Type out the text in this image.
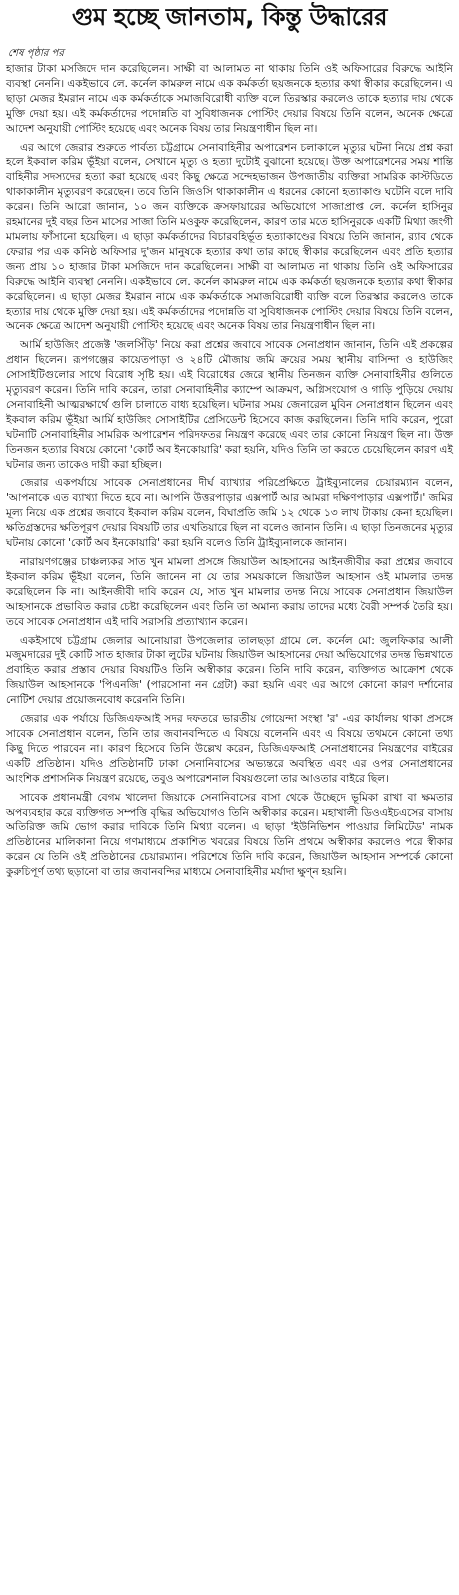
গুম হচ্ছে জানতাম, কিন্তু উদ্ধারের
শেষ পৃষ্ঠার পর

হাজার টাকা মসজিদে দান করেছিলেন। সাক্ষী বা আলামত না থাকায় তিনি ওই অফিসারের বিরুদ্ধে আইনি ব্যবস্থা নেননি। একইভাবে লে. কর্নেল কামরুল নামে এক কর্মকর্তা ছয়জনকে হত্যার কথা স্বীকার করেছিলেন। এ ছাড়া মেজর ইমরান নামে এক কর্মকর্তাকে সমাজবিরোধী ব্যক্তি বলে তিরস্কার করলেও তাকে হত্যার দায় থেকে মুক্তি দেয়া হয়। এই কর্মকর্তাদের পদোন্নতি বা সুবিধাজনক পোস্টিং দেয়ার বিষয়ে তিনি বলেন, অনেক ক্ষেত্রে আদেশ অনুযায়ী পোস্টিং হয়েছে এবং অনেক বিষয় তার নিয়ন্ত্রণাধীন ছিল না।

এর আগে জেরার শুরুতে পার্বত্য চট্টগ্রামে সেনাবাহিনীর অপারেশন চলাকালে মৃত্যুর ঘটনা নিয়ে প্রশ্ন করা হলে ইকবাল করিম ভূঁইয়া বলেন, সেখানে মৃত্যু ও হত্যা দুটোই বুঝানো হয়েছে। উক্ত অপারেশনের সময় শান্তি বাহিনীর সদস্যদের হত্যা করা হয়েছে এবং কিছু ক্ষেত্রে সন্দেহভাজন উপজাতীয় ব্যক্তিরা সামরিক কাস্টডিতে থাকাকালীন মৃত্যুবরণ করেছেন। তবে তিনি জিওসি থাকাকালীন এ ধরনের কোনো হত্যাকাণ্ড ঘটেনি বলে দাবি করেন। তিনি আরো জানান, ১০ জন ব্যক্তিকে ক্রসফায়ারের অভিযোগে সাজাপ্রাপ্ত লে. কর্নেল হাসিনুর রহমানের দুই বছর তিন মাসের সাজা তিনি মওকুফ করেছিলেন, কারণ তার মতে হাসিনুরকে একটি মিথ্যা জংগী মামলায় ফাঁসানো হয়েছিল। এ ছাড়া কর্মকর্তাদের বিচারবহির্ভূত হত্যাকাণ্ডের বিষয়ে তিনি জানান, র‍্যাব থেকে ফেরার পর এক কনিষ্ঠ অফিসার দু'জন মানুষকে হত্যার কথা তার কাছে স্বীকার করেছিলেন এবং প্রতি হত্যার জন্য প্রায় ১০ হাজার টাকা মসজিদে দান করেছিলেন। সাক্ষী বা আলামত না থাকায় তিনি ওই অফিসারের বিরুদ্ধে আইনি ব্যবস্থা নেননি। একইভাবে লে. কর্নেল কামরুল নামে এক কর্মকর্তা ছয়জনকে হত্যার কথা স্বীকার করেছিলেন। এ ছাড়া মেজর ইমরান নামে এক কর্মকর্তাকে সমাজবিরোধী ব্যক্তি বলে তিরস্কার করলেও তাকে হত্যার দায় থেকে মুক্তি দেয়া হয়। এই কর্মকর্তাদের পদোন্নতি বা সুবিধাজনক পোস্টিং দেয়ার বিষয়ে তিনি বলেন, অনেক ক্ষেত্রে আদেশ অনুযায়ী পোস্টিং হয়েছে এবং অনেক বিষয় তার নিয়ন্ত্রণাধীন ছিল না।

আর্মি হাউজিং প্রজেক্ট 'জলসিঁড়ি' নিয়ে করা প্রশ্নের জবাবে সাবেক সেনাপ্রধান জানান, তিনি এই প্রকল্পের প্রধান ছিলেন। রূপগঞ্জের কায়েতপাড়া ও ২৪টি মৌজায় জমি ক্রয়ের সময় স্থানীয় বাসিন্দা ও হাউজিং সোসাইটিগুলোর সাথে বিরোধ সৃষ্টি হয়। এই বিরোধের জেরে স্থানীয় তিনজন ব্যক্তি সেনাবাহিনীর গুলিতে মৃত্যুবরণ করেন। তিনি দাবি করেন, তারা সেনাবাহিনীর ক্যাম্পে আক্রমণ, অগ্নিসংযোগ ও গাড়ি পুড়িয়ে দেয়ায় সেনাবাহিনী আত্মরক্ষার্থে গুলি চালাতে বাধ্য হয়েছিল। ঘটনার সময় জেনারেল মুবিন সেনাপ্রধান ছিলেন এবং ইকবাল করিম ভূঁইয়া আর্মি হাউজিং সোসাইটির প্রেসিডেন্ট হিসেবে কাজ করছিলেন। তিনি দাবি করেন, পুরো ঘটনাটি সেনাবাহিনীর সামরিক অপারেশন পরিদফতর নিয়ন্ত্রণ করেছে এবং তার কোনো নিয়ন্ত্রণ ছিল না। উক্ত তিনজন হত্যার বিষয়ে কোনো 'কোর্ট অব ইনকোয়ারি' করা হয়নি, যদিও তিনি তা করতে চেয়েছিলেন কারণ এই ঘটনার জন্য তাকেও দায়ী করা হচ্ছিল।

জেরার একপর্যায়ে সাবেক সেনাপ্রধানের দীর্ঘ ব্যাখ্যার পরিপ্রেক্ষিতে ট্রাইব্যুনালের চেয়ারম্যান বলেন, 'আপনাকে এত ব্যাখ্যা দিতে হবে না। আপনি উত্তরপাড়ার এক্সপার্ট আর আমরা দক্ষিণপাড়ার এক্সপার্ট।' জমির মূল্য নিয়ে এক প্রশ্নের জবাবে ইকবাল করিম বলেন, বিঘাপ্রতি জমি ১২ থেকে ১৩ লাখ টাকায় কেনা হয়েছিল। ক্ষতিগ্রস্তদের ক্ষতিপূরণ দেয়ার বিষয়টি তার এখতিয়ারে ছিল না বলেও জানান তিনি। এ ছাড়া তিনজনের মৃত্যুর ঘটনায় কোনো 'কোর্ট অব ইনকোয়ারি' করা হয়নি বলেও তিনি ট্রাইব্যুনালকে জানান।

নারায়ণগঞ্জের চাঞ্চল্যকর সাত খুন মামলা প্রসঙ্গে জিয়াউল আহসানের আইনজীবীর করা প্রশ্নের জবাবে ইকবাল করিম ভূঁইয়া বলেন, তিনি জানেন না যে তার সময়কালে জিয়াউল আহসান ওই মামলার তদন্ত করেছিলেন কি না। আইনজীবী দাবি করেন যে, সাত খুন মামলার তদন্ত নিয়ে সাবেক সেনাপ্রধান জিয়াউল আহসানকে প্রভাবিত করার চেষ্টা করেছিলেন এবং তিনি তা অমান্য করায় তাদের মধ্যে বৈরী সম্পর্ক তৈরি হয়। তবে সাবেক সেনাপ্রধান এই দাবি সরাসরি প্রত্যাখ্যান করেন।

একইসাথে চট্টগ্রাম জেলার আনোয়ারা উপজেলার তালছড়া গ্রামে লে. কর্নেল মো: জুলফিকার আলী মজুমদারের দুই কোটি সাত হাজার টাকা লুটের ঘটনায় জিয়াউল আহসানের দেয়া অভিযোগের তদন্ত ভিন্নখাতে প্রবাহিত করার প্রস্তাব দেয়ার বিষয়টিও তিনি অস্বীকার করেন। তিনি দাবি করেন, ব্যক্তিগত আক্রোশ থেকে জিয়াউল আহসানকে 'পিএনজি' (পারসোনা নন গ্রেটা) করা হয়নি এবং এর আগে কোনো কারণ দর্শানোর নোটিশ দেয়ার প্রয়োজনবোধ করেননি তিনি।

জেরার এক পর্যায়ে ডিজিএফআই সদর দফতরে ভারতীয় গোয়েন্দা সংস্থা 'র' -এর কার্যালয় থাকা প্রসঙ্গে সাবেক সেনাপ্রধান বলেন, তিনি তার জবানবন্দিতে এ বিষয়ে বলেননি এবং এ বিষয়ে তথমনে কোনো তথ্য কিছু দিতে পারবেন না। কারণ হিসেবে তিনি উল্লেখ করেন, ডিজিএফআই সেনাপ্রধানের নিয়ন্ত্রণের বাইরের একটি প্রতিষ্ঠান। যদিও প্রতিষ্ঠানটি ঢাকা সেনানিবাসের অভ্যন্তরে অবস্থিত এবং এর ওপর সেনাপ্রধানের আংশিক প্রশাসনিক নিয়ন্ত্রণ রয়েছে, তবুও অপারেশনাল বিষয়গুলো তার আওতার বাইরে ছিল।

সাবেক প্রধানমন্ত্রী বেগম খালেদা জিয়াকে সেনানিবাসের বাসা থেকে উচ্ছেদে ভূমিকা রাখা বা ক্ষমতার অপব্যবহার করে ব্যক্তিগত সম্পত্তি বৃদ্ধির অভিযোগও তিনি অস্বীকার করেন। মহাখালী ডিওএইচএসের বাসায় অতিরিক্ত জমি ভোগ করার দাবিকে তিনি মিথ্যা বলেন। এ ছাড়া 'ইউনিভিশন পাওয়ার লিমিটেড' নামক প্রতিষ্ঠানের মালিকানা নিয়ে গণমাধ্যমে প্রকাশিত খবরের বিষয়ে তিনি প্রথমে অস্বীকার করলেও পরে স্বীকার করেন যে তিনি ওই প্রতিষ্ঠানের চেয়ারম্যান। পরিশেষে তিনি দাবি করেন, জিয়াউল আহসান সম্পর্কে কোনো কুরুচিপূর্ণ তথ্য ছড়ানো বা তার জবানবন্দির মাধ্যমে সেনাবাহিনীর মর্যাদা ক্ষুণ্ন হয়নি।
